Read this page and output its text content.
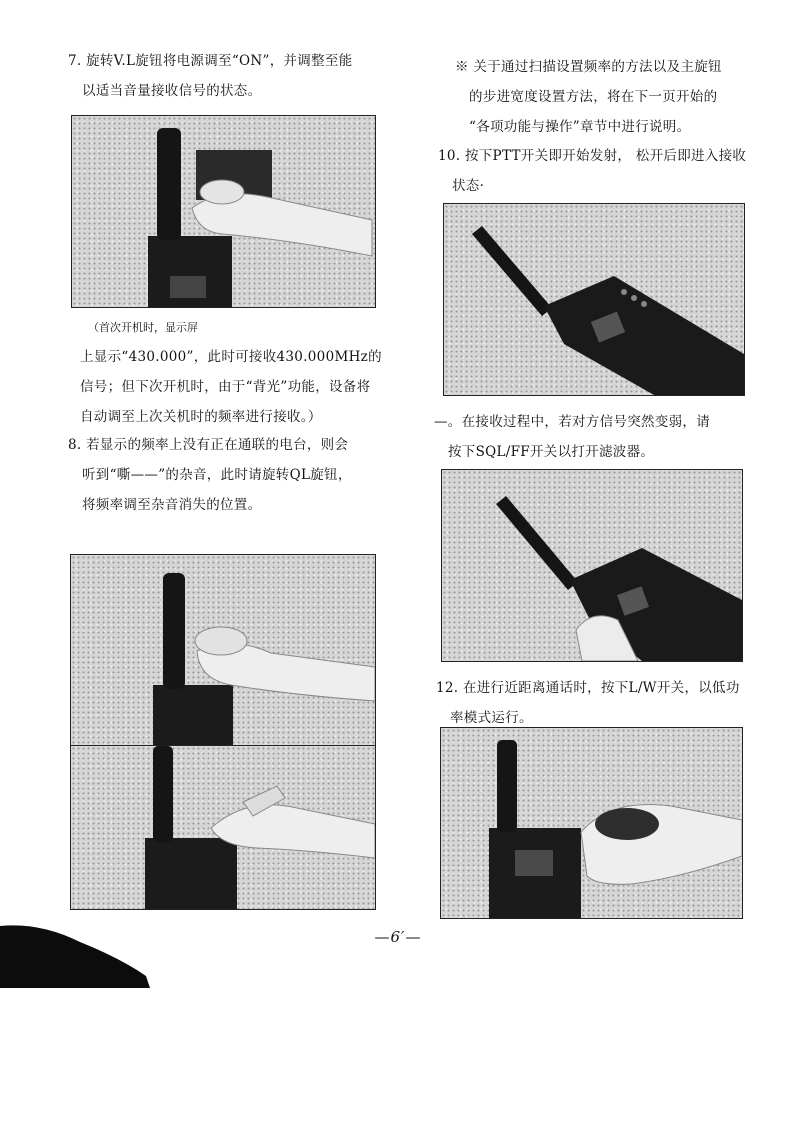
7. 旋转V.L旋钮将电源调至“ON”，并调整至能
以适当音量接收信号的状态。

（首次开机时，显示屏

上显示“430.000”，此时可接收430.000MHz的
信号；但下次开机时，由于“背光”功能，设备将
自动调至上次关机时的频率进行接收。）
8. 若显示的频率上没有正在通联的电台，则会
听到“嘶——”的杂音，此时请旋转QL旋钮，
将频率调至杂音消失的位置。
※ 关于通过扫描设置频率的方法以及主旋钮
的步进宽度设置方法，将在下一页开始的
“各项功能与操作”章节中进行说明。
10. 按下PTT开关即开始发射， 松开后即进入接收
状态·
—。在接收过程中，若对方信号突然变弱，请
按下SQL/FF开关以打开滤波器。
12. 在进行近距离通话时，按下L/W开关，以低功
率模式运行。
—6′—
